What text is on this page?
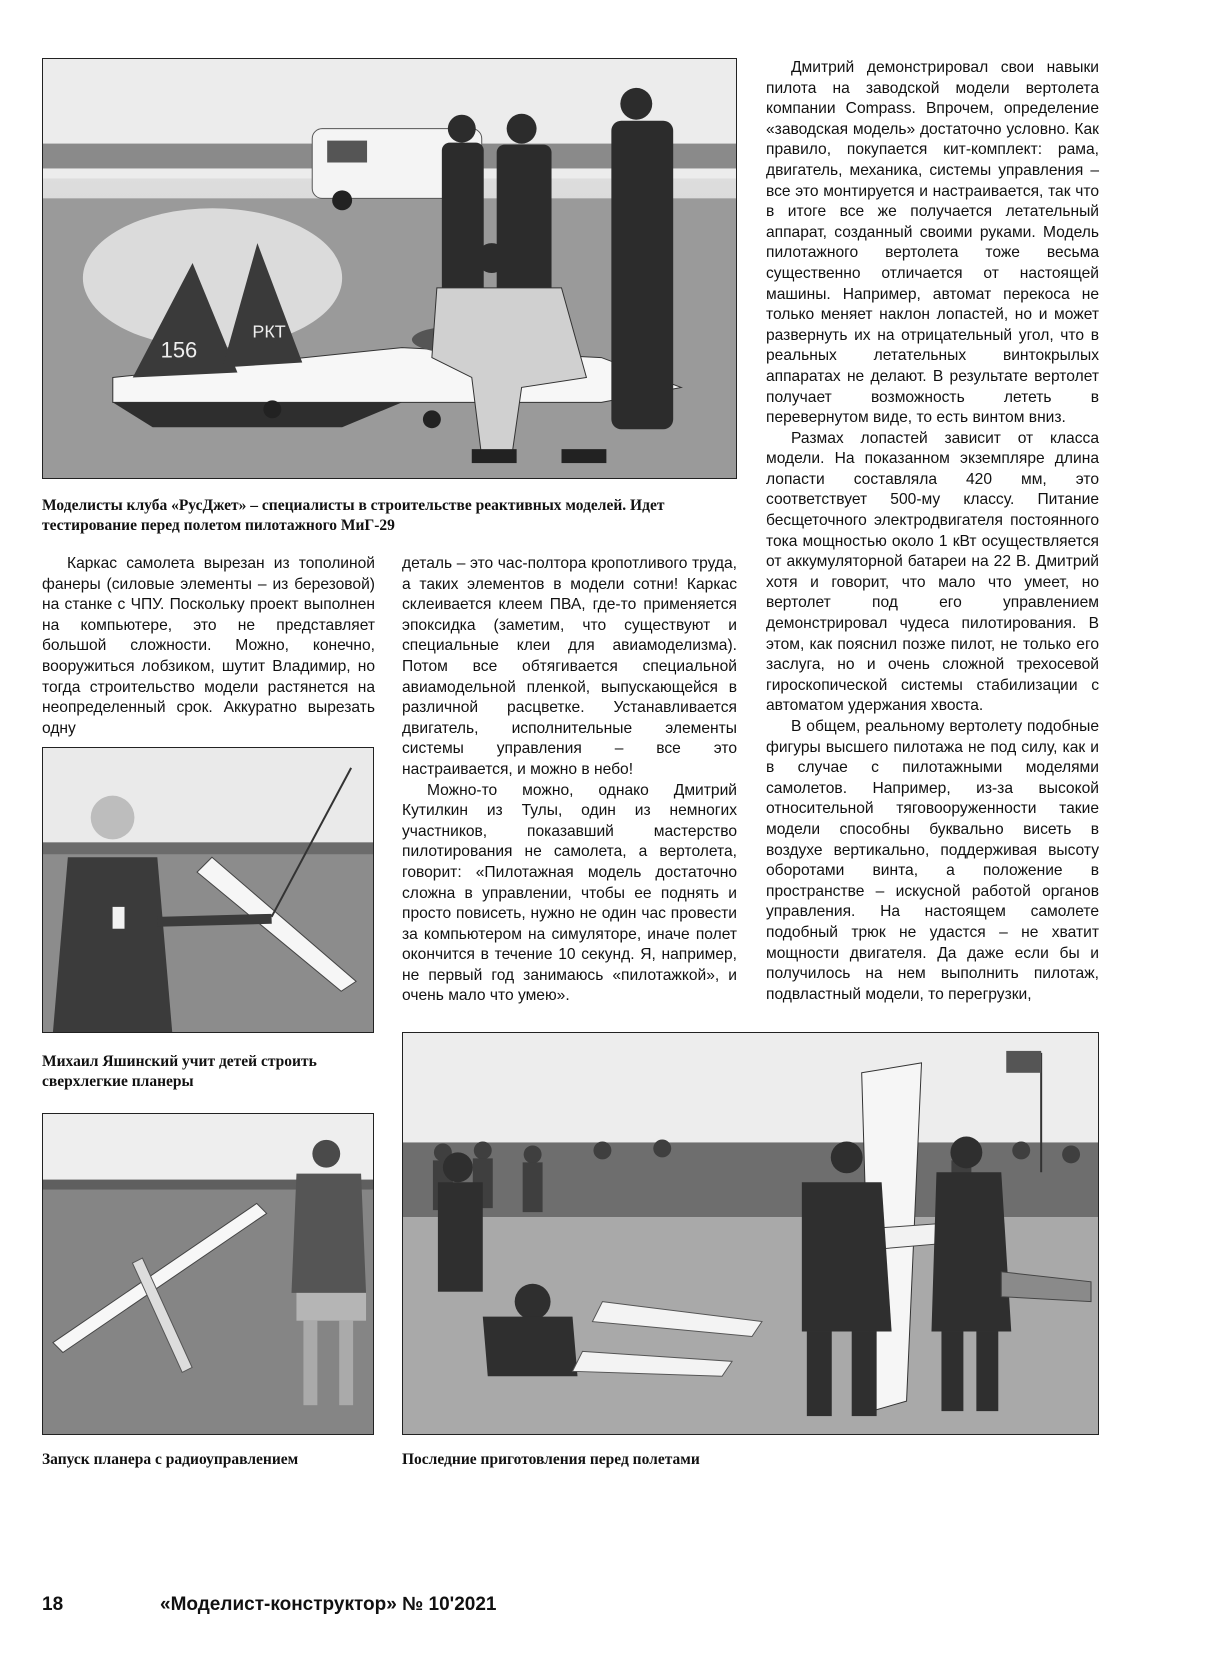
156
РКТ
Моделисты клуба «РусДжет» – специалисты в строительстве реактивных моделей. Идет тестирование перед полетом пилотажного МиГ-29

Дмитрий демонстрировал свои навыки пилота на заводской модели вертолета компании Compass. Впрочем, определение «заводская модель» достаточно условно. Как правило, покупается кит-комплект: рама, двигатель, механика, системы управления – все это монтируется и настраивается, так что в итоге все же получается летательный аппарат, созданный своими руками. Модель пилотажного вертолета тоже весьма существенно отличается от настоящей машины. Например, автомат перекоса не только меняет наклон лопастей, но и может развернуть их на отрицательный угол, что в реальных летательных винтокрылых аппаратах не делают. В результате вертолет получает возможность лететь в перевернутом виде, то есть винтом вниз.

Размах лопастей зависит от класса модели. На показанном экземпляре длина лопасти составляла 420 мм, это соответствует 500-му классу. Питание бесщеточного электродвигателя постоянного тока мощностью около 1 кВт осуществляется от аккумуляторной батареи на 22 В. Дмитрий хотя и говорит, что мало что умеет, но вертолет под его управлением демонстрировал чудеса пилотирования. В этом, как пояснил позже пилот, не только его заслуга, но и очень сложной трехосевой гироскопической системы стабилизации с автоматом удержания хвоста.

В общем, реальному вертолету подобные фигуры высшего пилотажа не под силу, как и в случае с пилотажными моделями самолетов. Например, из-за высокой относительной тяговооруженности такие модели способны буквально висеть в воздухе вертикально, поддерживая высоту оборотами винта, а положение в пространстве – искусной работой органов управления. На настоящем самолете подобный трюк не удастся – не хватит мощности двигателя. Да даже если бы и получилось на нем выполнить пилотаж, подвластный модели, то перегрузки,

Каркас самолета вырезан из тополиной фанеры (силовые элементы – из березовой) на станке с ЧПУ. Поскольку проект выполнен на компьютере, это не представляет большой сложности. Можно, конечно, вооружиться лобзиком, шутит Владимир, но тогда строительство модели растянется на неопределенный срок. Аккуратно вырезать одну

деталь – это час-полтора кропотливого труда, а таких элементов в модели сотни! Каркас склеивается клеем ПВА, где-то применяется эпоксидка (заметим, что существуют и специальные клеи для авиамоделизма). Потом все обтягивается специальной авиамодельной пленкой, выпускающейся в различной расцветке. Устанавливается двигатель, исполнительные элементы системы управления – все это настраивается, и можно в небо!

Можно-то можно, однако Дмитрий Кутилкин из Тулы, один из немногих участников, показавший мастерство пилотирования не самолета, а вертолета, говорит: «Пилотажная модель достаточно сложна в управлении, чтобы ее поднять и просто повисеть, нужно не один час провести за компьютером на симуляторе, иначе полет окончится в течение 10 секунд. Я, например, не первый год занимаюсь «пилотажкой», и очень мало что умею».

Михаил Яшинский учит детей строить сверхлегкие планеры
Запуск планера с радиоуправлением	Последние приготовления перед полетами
18	«Моделист-конструктор» № 10'2021
